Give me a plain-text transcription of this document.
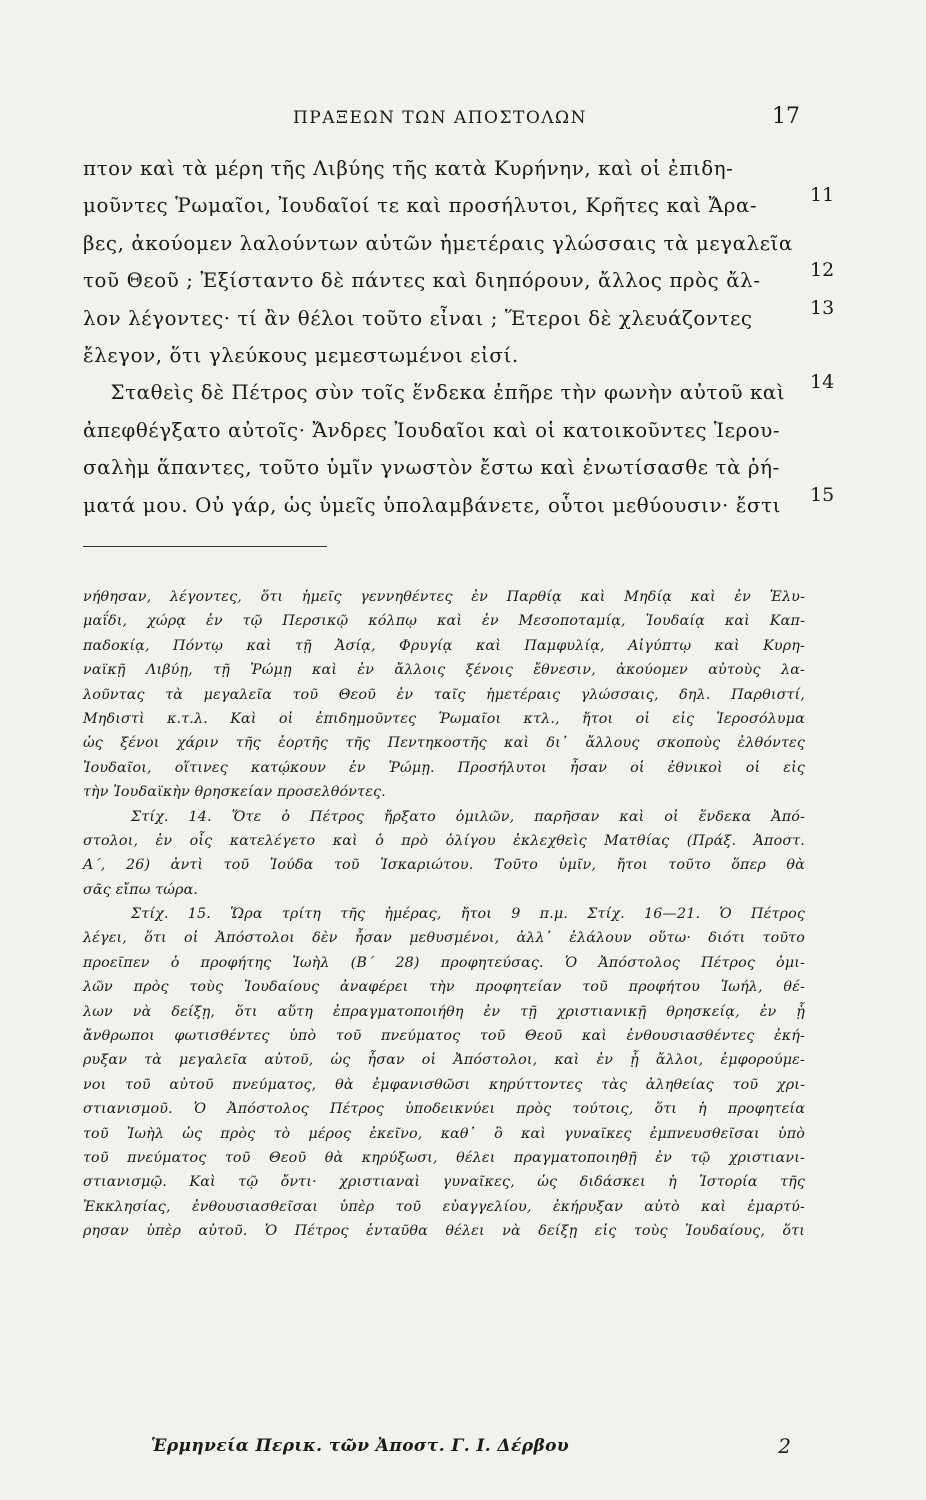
ΠΡΑΞΕΩΝ ΤΩΝ ΑΠΟΣΤΟΛΩΝ	17
πτον καὶ τὰ μέρη τῆς Λιβύης τῆς κατὰ Κυρήνην, καὶ οἱ ἐπιδη-
μοῦντες Ῥωμαῖοι, Ἰουδαῖοί τε καὶ προσήλυτοι, Κρῆτες καὶ Ἄρα-	11
βες, ἀκούομεν λαλούντων αὐτῶν ἡμετέραις γλώσσαις τὰ μεγαλεῖα
τοῦ Θεοῦ ; Ἐξίσταντο δὲ πάντες καὶ διηπόρουν, ἄλλος πρὸς ἄλ-	12
λον λέγοντες· τί ἂν θέλοι τοῦτο εἶναι ; Ἕτεροι δὲ χλευάζοντες	13
ἔλεγον, ὅτι γλεύκους μεμεστωμένοι εἰσί.
Σταθεὶς δὲ Πέτρος σὺν τοῖς ἕνδεκα ἐπῆρε τὴν φωνὴν αὐτοῦ καὶ 14
ἀπεφθέγξατο αὐτοῖς· Ἄνδρες Ἰουδαῖοι καὶ οἱ κατοικοῦντες Ἱερου-
σαλὴμ ἅπαντες, τοῦτο ὑμῖν γνωστὸν ἔστω καὶ ἐνωτίσασθε τὰ ῥή-
ματά μου. Οὐ γάρ, ὡς ὑμεῖς ὑπολαμβάνετε, οὗτοι μεθύουσιν· ἔστι 15
νήθησαν, λέγοντες, ὅτι ἡμεῖς γεννηθέντες ἐν Παρθίᾳ καὶ Μηδίᾳ καὶ ἐν Ἐλυ-
μαΐδι, χώρᾳ ἐν τῷ Περσικῷ κόλπῳ καὶ ἐν Μεσοποταμίᾳ, Ἰουδαίᾳ καὶ Καπ-
παδοκίᾳ, Πόντῳ καὶ τῇ Ἀσίᾳ, Φρυγίᾳ καὶ Παμφυλίᾳ, Αἰγύπτῳ καὶ Κυρη-
ναϊκῇ Λιβύῃ, τῇ Ῥώμῃ καὶ ἐν ἄλλοις ξένοις ἔθνεσιν, ἀκούομεν αὐτοὺς λα-
λοῦντας τὰ μεγαλεῖα τοῦ Θεοῦ ἐν ταῖς ἡμετέραις γλώσσαις, δηλ. Παρθιστί,
Μηδιστὶ κ.τ.λ. Καὶ οἱ ἐπιδημοῦντες Ῥωμαῖοι κτλ., ἤτοι οἱ εἰς Ἱεροσόλυμα
ὡς ξένοι χάριν τῆς ἑορτῆς τῆς Πεντηκοστῆς καὶ δι᾽ ἄλλους σκοποὺς ἐλθόντες
Ἰουδαῖοι, οἵτινες κατῴκουν ἐν Ῥώμῃ. Προσήλυτοι ἦσαν οἱ ἐθνικοὶ οἱ εἰς
τὴν Ἰουδαϊκὴν θρησκείαν προσελθόντες.
Στίχ. 14. Ὅτε ὁ Πέτρος ἤρξατο ὁμιλῶν, παρῆσαν καὶ οἱ ἕνδεκα Ἀπό-
στολοι, ἐν οἷς κατελέγετο καὶ ὁ πρὸ ὀλίγου ἐκλεχθεὶς Ματθίας (Πράξ. Ἀποστ.
Α΄, 26) ἀντὶ τοῦ Ἰούδα τοῦ Ἰσκαριώτου. Τοῦτο ὑμῖν, ἤτοι τοῦτο ὅπερ θὰ
σᾶς εἴπω τώρα.
Στίχ. 15. Ὥρα τρίτη τῆς ἡμέρας, ἤτοι 9 π.μ. Στίχ. 16—21. Ὁ Πέτρος
λέγει, ὅτι οἱ Ἀπόστολοι δὲν ἦσαν μεθυσμένοι, ἀλλ᾽ ἐλάλουν οὕτω· διότι τοῦτο
προεῖπεν ὁ προφήτης Ἰωὴλ (Β΄ 28) προφητεύσας. Ὁ Ἀπόστολος Πέτρος ὁμι-
λῶν πρὸς τοὺς Ἰουδαίους ἀναφέρει τὴν προφητείαν τοῦ προφήτου Ἰωήλ, θέ-
λων νὰ δείξῃ, ὅτι αὕτη ἐπραγματοποιήθη ἐν τῇ χριστιανικῇ θρησκείᾳ, ἐν ᾗ
ἄνθρωποι φωτισθέντες ὑπὸ τοῦ πνεύματος τοῦ Θεοῦ καὶ ἐνθουσιασθέντες ἐκή-
ρυξαν τὰ μεγαλεῖα αὐτοῦ, ὡς ἦσαν οἱ Ἀπόστολοι, καὶ ἐν ᾗ ἄλλοι, ἐμφορούμε-
νοι τοῦ αὐτοῦ πνεύματος, θὰ ἐμφανισθῶσι κηρύττοντες τὰς ἀληθείας τοῦ χρι-
στιανισμοῦ. Ὁ Ἀπόστολος Πέτρος ὑποδεικνύει πρὸς τούτοις, ὅτι ἡ προφητεία
τοῦ Ἰωὴλ ὡς πρὸς τὸ μέρος ἐκεῖνο, καθ᾽ ὃ καὶ γυναῖκες ἐμπνευσθεῖσαι ὑπὸ
τοῦ πνεύματος τοῦ Θεοῦ θὰ κηρύξωσι, θέλει πραγματοποιηθῇ ἐν τῷ χριστιανι-
στιανισμῷ. Καὶ τῷ ὄντι· χριστιαναὶ γυναῖκες, ὡς διδάσκει ἡ Ἱστορία τῆς
Ἐκκλησίας, ἐνθουσιασθεῖσαι ὑπὲρ τοῦ εὐαγγελίου, ἐκήρυξαν αὐτὸ καὶ ἐμαρτύ-
ρησαν ὑπὲρ αὐτοῦ. Ὁ Πέτρος ἐνταῦθα θέλει νὰ δείξῃ εἰς τοὺς Ἰουδαίους, ὅτι
Ἑρμηνεία Περικ. τῶν Ἀποστ. Γ. Ι. Δέρβου	2
